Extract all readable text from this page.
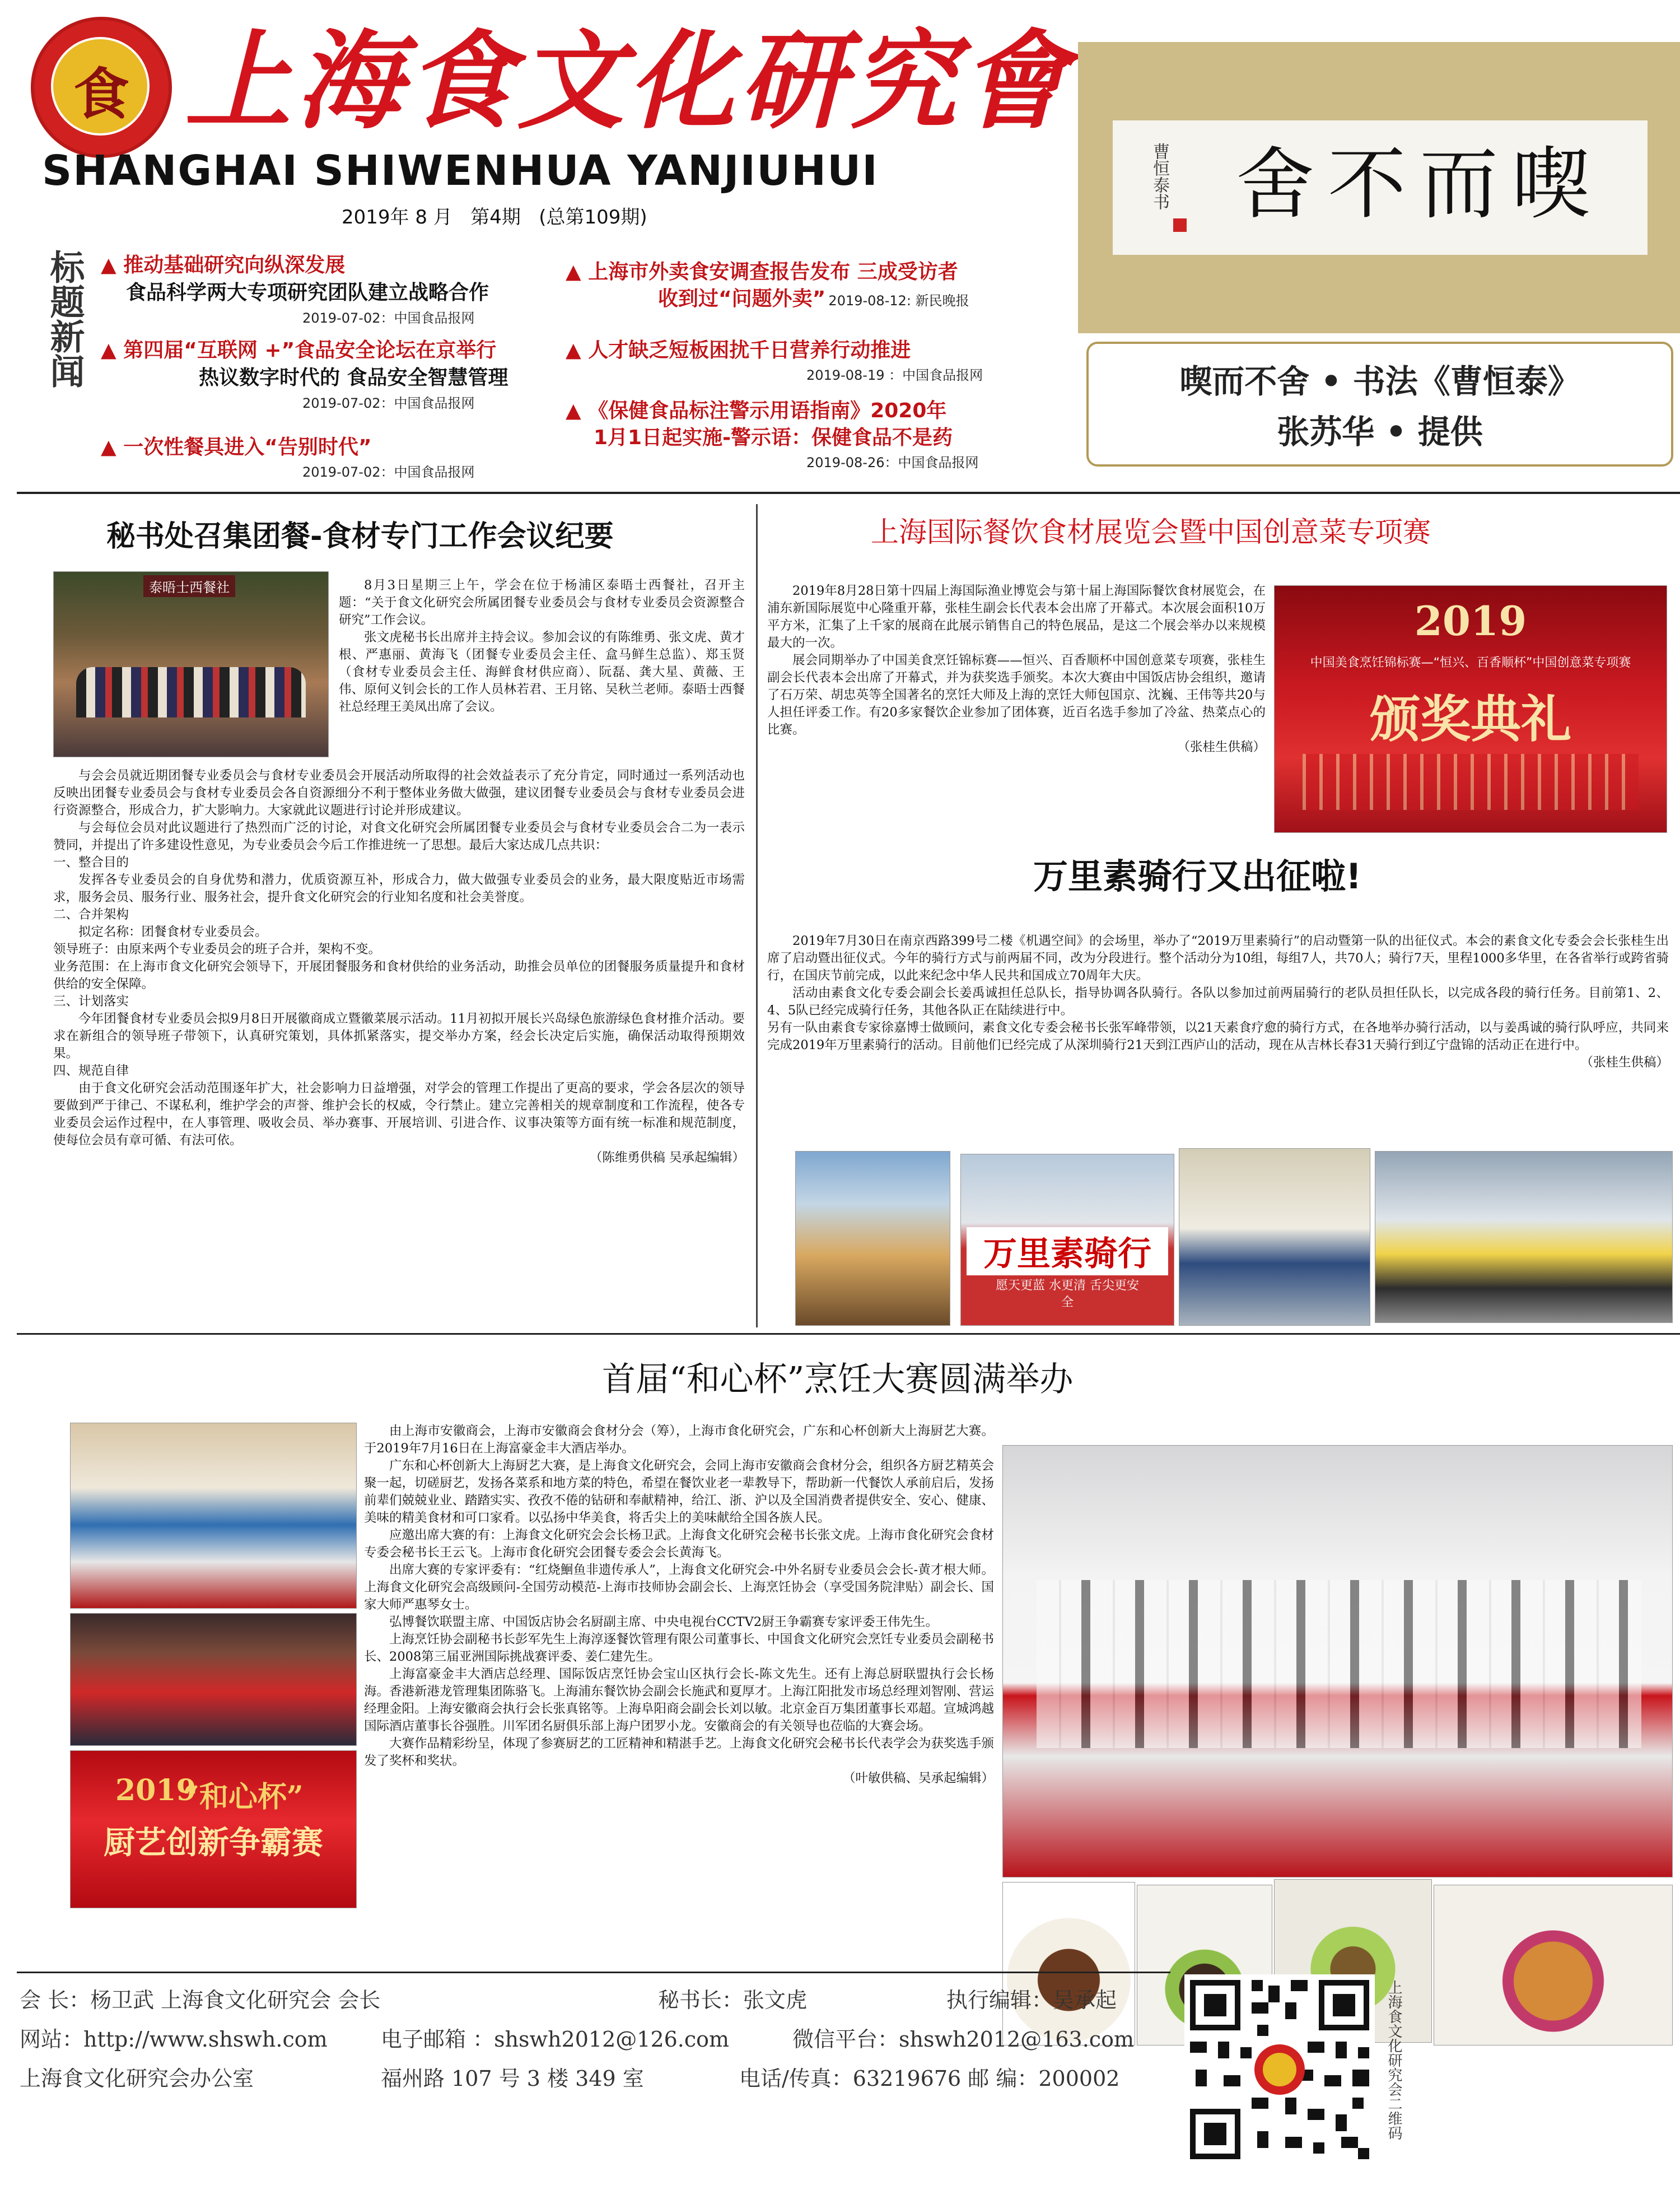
食 上海食文化研究會
SHANGHAI SHIWENHUA YANJIUHUI
2019年 8 月   第4期   (总第109期)	喫而不舍
曹恒泰书
喫而不舍 • 书法《曹恒泰》
张苏华 • 提供
标题新闻 ▲ 推动基础研究向纵深发展
食品科学两大专项研究团队建立战略合作
2019-07-02：中国食品报网
▲ 第四届“互联网 +”食品安全论坛在京举行
热议数字时代的 食品安全智慧管理
2019-07-02：中国食品报网
▲ 一次性餐具进入“告别时代”
2019-07-02：中国食品报网
▲ 上海市外卖食安调查报告发布 三成受访者
收到过“问题外卖” 2019-08-12: 新民晚报
▲ 人才缺乏短板困扰千日营养行动推进
2019-08-19 ：中国食品报网
▲ 《保健食品标注警示用语指南》2020年
1月1日起实施-警示语：保健食品不是药
2019-08-26：中国食品报网
秘书处召集团餐-食材专门工作会议纪要
泰晤士西餐社	8月3日星期三上午，学会在位于杨浦区泰晤士西餐社，召开主题：“关于食文化研究会所属团餐专业委员会与食材专业委员会资源整合研究”工作会议。

张文虎秘书长出席并主持会议。参加会议的有陈维勇、张文虎、黄才根、严惠丽、黄海飞（团餐专业委员会主任、盒马鲜生总监）、郑玉贤（食材专业委员会主任、海鲜食材供应商）、阮磊、龚大星、黄薇、王伟、原何义钊会长的工作人员林若君、王月铭、吴秋兰老师。泰晤士西餐社总经理王美凤出席了会议。

与会会员就近期团餐专业委员会与食材专业委员会开展活动所取得的社会效益表示了充分肯定，同时通过一系列活动也反映出团餐专业委员会与食材专业委员会各自资源细分不利于整体业务做大做强，建议团餐专业委员会与食材专业委员会进行资源整合，形成合力，扩大影响力。大家就此议题进行讨论并形成建议。

与会每位会员对此议题进行了热烈而广泛的讨论，对食文化研究会所属团餐专业委员会与食材专业委员会合二为一表示赞同，并提出了许多建设性意见，为专业委员会今后工作推进统一了思想。最后大家达成几点共识：

一、整合目的

发挥各专业委员会的自身优势和潜力，优质资源互补，形成合力，做大做强专业委员会的业务，最大限度贴近市场需求，服务会员、服务行业、服务社会，提升食文化研究会的行业知名度和社会美誉度。

二、合并架构

拟定名称：团餐食材专业委员会。

领导班子：由原来两个专业委员会的班子合并，架构不变。

业务范围：在上海市食文化研究会领导下，开展团餐服务和食材供给的业务活动，助推会员单位的团餐服务质量提升和食材供给的安全保障。

三、计划落实

今年团餐食材专业委员会拟9月8日开展徽商成立暨徽菜展示活动。11月初拟开展长兴岛绿色旅游绿色食材推介活动。要求在新组合的领导班子带领下，认真研究策划，具体抓紧落实，提交举办方案，经会长决定后实施，确保活动取得预期效果。

四、规范自律

由于食文化研究会活动范围逐年扩大，社会影响力日益增强，对学会的管理工作提出了更高的要求，学会各层次的领导要做到严于律己、不谋私利，维护学会的声誉、维护会长的权威，令行禁止。建立完善相关的规章制度和工作流程，使各专业委员会运作过程中，在人事管理、吸收会员、举办赛事、开展培训、引进合作、议事决策等方面有统一标准和规范制度，使每位会员有章可循、有法可依。

（陈维勇供稿 吴承起编辑）

上海国际餐饮食材展览会暨中国创意菜专项赛

2019年8月28日第十四届上海国际渔业博览会与第十届上海国际餐饮食材展览会，在浦东新国际展览中心隆重开幕，张桂生副会长代表本会出席了开幕式。本次展会面积10万平方米，汇集了上千家的展商在此展示销售自己的特色展品，是这二个展会举办以来规模最大的一次。

展会同期举办了中国美食烹饪锦标赛——恒兴、百香顺杯中国创意菜专项赛，张桂生副会长代表本会出席了开幕式，并为获奖选手颁奖。本次大赛由中国饭店协会组织，邀请了石万荣、胡忠英等全国著名的烹饪大师及上海的烹饪大师包国京、沈巍、王伟等共20与人担任评委工作。有20多家餐饮企业参加了团体赛，近百名选手参加了冷盆、热菜点心的比赛。

（张桂生供稿）

2019
中国美食烹饪锦标赛—“恒兴、百香顺杯”中国创意菜专项赛
颁奖典礼
万里素骑行又出征啦!

2019年7月30日在南京西路399号二楼《机遇空间》的会场里，举办了“2019万里素骑行”的启动暨第一队的出征仪式。本会的素食文化专委会会长张桂生出席了启动暨出征仪式。今年的骑行方式与前两届不同，改为分段进行。整个活动分为10组，每组7人，共70人；骑行7天，里程1000多华里，在各省举行或跨省骑行，在国庆节前完成，以此来纪念中华人民共和国成立70周年大庆。

活动由素食文化专委会副会长姜禹诚担任总队长，指导协调各队骑行。各队以参加过前两届骑行的老队员担任队长，以完成各段的骑行任务。目前第1、2、4、5队已经完成骑行任务，其他各队正在陆续进行中。

另有一队由素食专家徐嘉博士做顾问，素食文化专委会秘书长张军峰带领，以21天素食疗愈的骑行方式，在各地举办骑行活动，以与姜禹诚的骑行队呼应，共同来完成2019年万里素骑行的活动。目前他们已经完成了从深圳骑行21天到江西庐山的活动，现在从吉林长春31天骑行到辽宁盘锦的活动正在进行中。

（张桂生供稿）

万里素骑行
愿天更蓝 水更清 舌尖更安全
首届“和心杯”烹饪大赛圆满举办
2019
“和心杯”
厨艺创新争霸赛

由上海市安徽商会，上海市安徽商会食材分会（筹），上海市食化研究会，广东和心杯创新大上海厨艺大赛。于2019年7月16日在上海富豪金丰大酒店举办。

广东和心杯创新大上海厨艺大赛，是上海食文化研究会，会同上海市安徽商会食材分会，组织各方厨艺精英会聚一起，切磋厨艺，发扬各菜系和地方菜的特色，希望在餐饮业老一辈教导下，帮助新一代餐饮人承前启后，发扬前辈们兢兢业业、踏踏实实、孜孜不倦的钻研和奉献精神，给江、浙、沪以及全国消费者提供安全、安心、健康、美味的精美食材和可口家肴。以弘扬中华美食，将舌尖上的美味献给全国各族人民。

应邀出席大赛的有：上海食文化研究会会长杨卫武。上海食文化研究会秘书长张文虎。上海市食化研究会食材专委会秘书长王云飞。上海市食化研究会团餐专委会会长黄海飞。

出席大赛的专家评委有：“红烧鮰鱼非遗传承人”，上海食文化研究会-中外名厨专业委员会会长-黄才根大师。上海食文化研究会高级顾问-全国劳动模范-上海市技师协会副会长、上海烹饪协会（享受国务院津贴）副会长、国家大师严惠琴女士。

弘博餐饮联盟主席、中国饭店协会名厨副主席、中央电视台CCTV2厨王争霸赛专家评委王伟先生。

上海烹饪协会副秘书长彭军先生上海淳逐餐饮管理有限公司董事长、中国食文化研究会烹饪专业委员会副秘书长、2008第三届亚洲国际挑战赛评委、姜仁建先生。

上海富豪金丰大酒店总经理、国际饭店烹饪协会宝山区执行会长-陈文先生。还有上海总厨联盟执行会长杨海。香港新港龙管理集团陈骆飞。上海浦东餐饮协会副会长施武和夏厚才。上海江阳批发市场总经理刘智刚、营运经理金阳。上海安徽商会执行会长张真铭等。上海阜阳商会副会长刘以敏。北京金百万集团董事长邓超。宣城鸿越国际酒店董事长谷强胜。川军团名厨俱乐部上海户团罗小龙。安徽商会的有关领导也莅临的大赛会场。

大赛作品精彩纷呈，体现了参赛厨艺的工匠精神和精湛手艺。上海食文化研究会秘书长代表学会为获奖选手颁发了奖杯和奖状。

（叶敏供稿、吴承起编辑）

会 长：杨卫武 上海食文化研究会 会长	秘书长：张文虎	执行编辑：吴承起
网站：http://www.shswh.com	电子邮箱 ：shswh2012@126.com	微信平台：shswh2012@163.com
上海食文化研究会办公室	福州路 107 号 3 楼 349 室	电话/传真：63219676 邮 编：200002	上海食文化研究会二维码
